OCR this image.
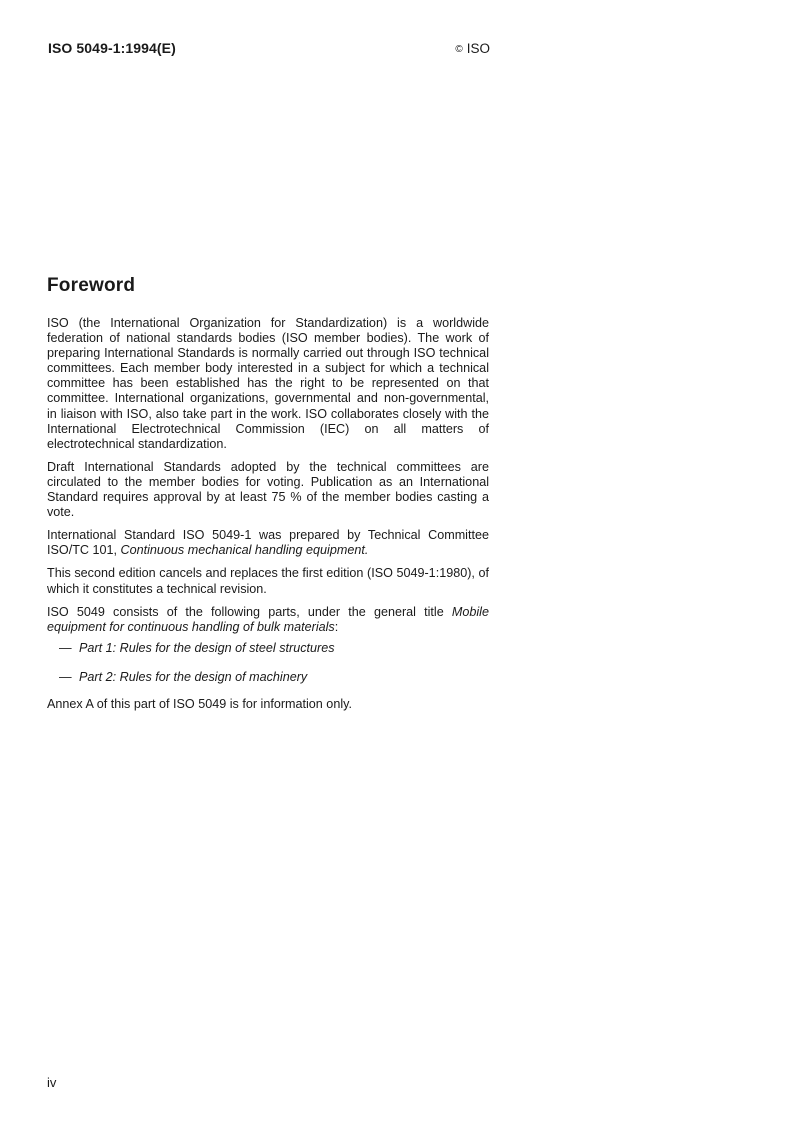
ISO 5049-1:1994(E)	© ISO
Foreword

ISO (the International Organization for Standardization) is a worldwide federation of national standards bodies (ISO member bodies). The work of preparing International Standards is normally carried out through ISO technical committees. Each member body interested in a subject for which a technical committee has been established has the right to be represented on that committee. International organizations, governmental and non-governmental, in liaison with ISO, also take part in the work. ISO collaborates closely with the International Electrotechnical Commission (IEC) on all matters of electrotechnical standardization.

Draft International Standards adopted by the technical committees are circulated to the member bodies for voting. Publication as an International Standard requires approval by at least 75 % of the member bodies casting a vote.

International Standard ISO 5049-1 was prepared by Technical Committee ISO/TC 101, Continuous mechanical handling equipment.

This second edition cancels and replaces the first edition (ISO 5049-1:1980), of which it constitutes a technical revision.

ISO 5049 consists of the following parts, under the general title Mobile equipment for continuous handling of bulk materials:

— Part 1: Rules for the design of steel structures
— Part 2: Rules for the design of machinery

Annex A of this part of ISO 5049 is for information only.

iv
